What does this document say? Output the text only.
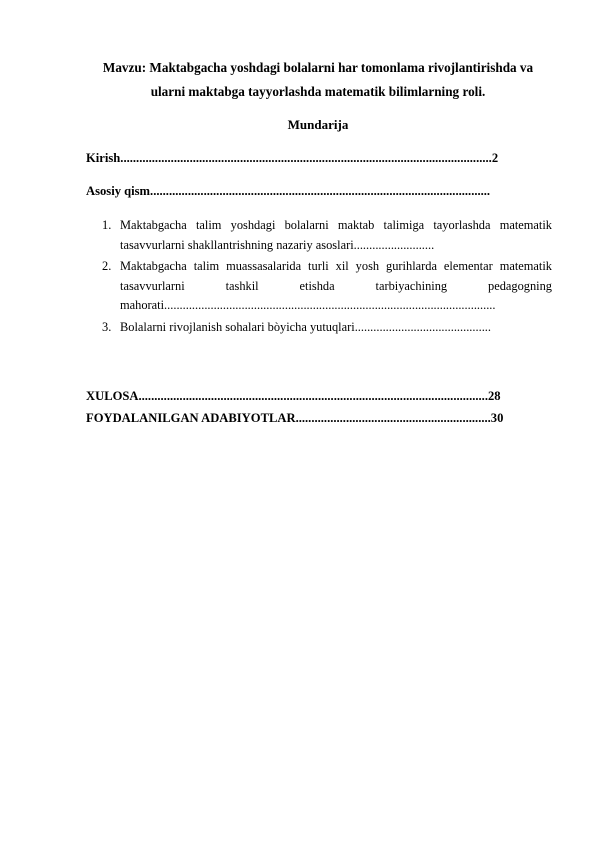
Mavzu: Maktabgacha yoshdagi bolalarni har tomonlama rivojlantirishda va
ularni maktabga tayyorlashda matematik bilimlarning roli.
Mundarija
Kirish......................................................................................................................2
Asosiy qism............................................................................................................
1. Maktabgacha talim yoshdagi bolalarni maktab talimiga tayorlashda matematik tasavvurlarni shakllantrishning nazariy asoslari..........................
2. Maktabgacha talim muassasalarida turli xil yosh gurihlarda elementar matematik tasavvurlarni tashkil etishda tarbiyachining pedagogning mahorati...........................................................................................................
3. Bolalarni rivojlanish sohalari bòyicha yutuqlari............................................
XULOSA...............................................................................................................28
FOYDALANILGAN ADABIYOTLAR..............................................................30
